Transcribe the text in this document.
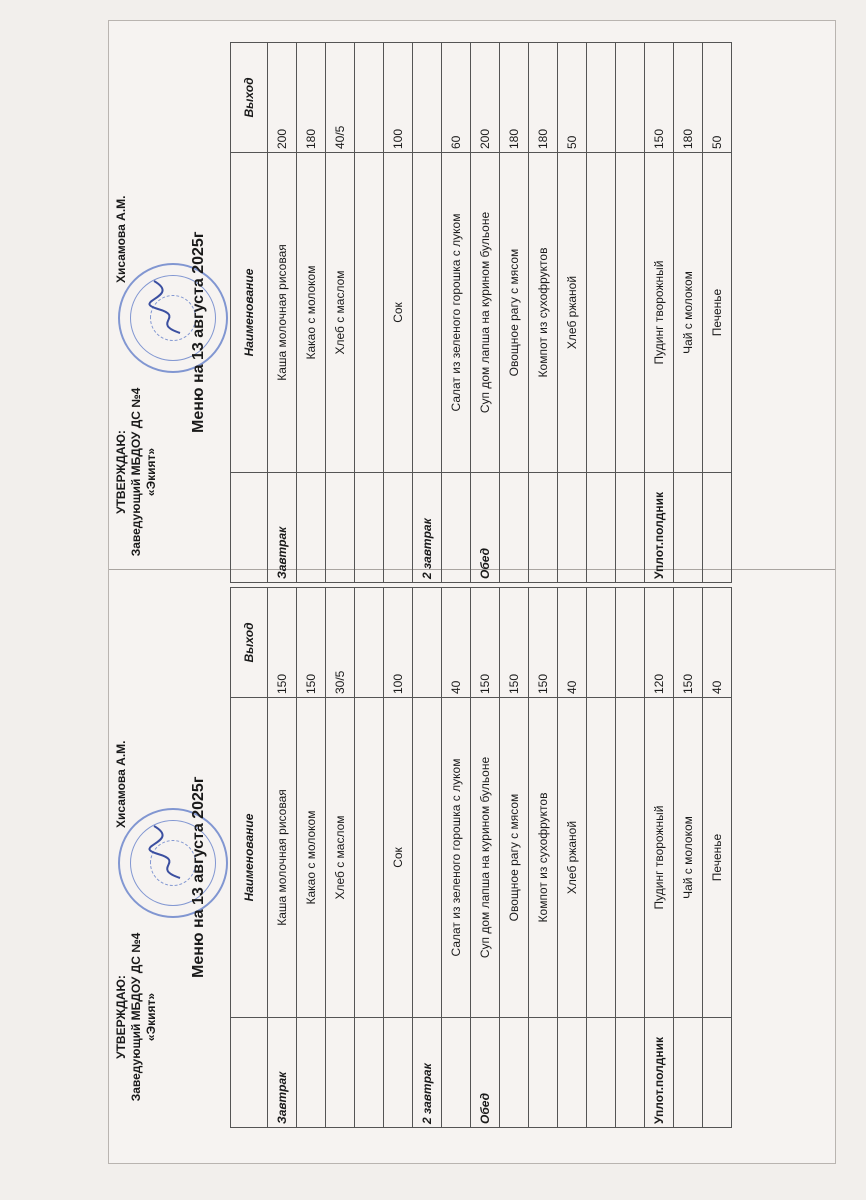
УТВЕРЖДАЮ: Заведующий МБДОУ ДС №4 «Экият»
Хисамова А.М.	Меню на 13 августа 2025г
		Наименование	Выход
Завтрак	Каша молочная рисовая	200
	Какао с молоком	180
	Хлеб с маслом	40/5

	Сок	100
2 завтрак		
	Салат из зеленого горошка с луком	60
Обед	Суп дом лапша на курином бульоне	200
	Овощное рагу с мясом	180
	Компот из сухофруктов	180
	Хлеб ржаной	50

Уплот.полдник	Пудинг творожный	150
	Чай с молоком	180
	Печенье	50
УТВЕРЖДАЮ: Заведующий МБДОУ ДС №4 «Экият»
Хисамова А.М.	Меню на 13 августа 2025г
		Наименование	Выход
Завтрак	Каша молочная рисовая	150
	Какао с молоком	150
	Хлеб с маслом	30/5

	Сок	100
2 завтрак		
	Салат из зеленого горошка с луком	40
Обед	Суп дом лапша на курином бульоне	150
	Овощное рагу с мясом	150
	Компот из сухофруктов	150
	Хлеб ржаной	40

Уплот.полдник	Пудинг творожный	120
	Чай с молоком	150
	Печенье	40
